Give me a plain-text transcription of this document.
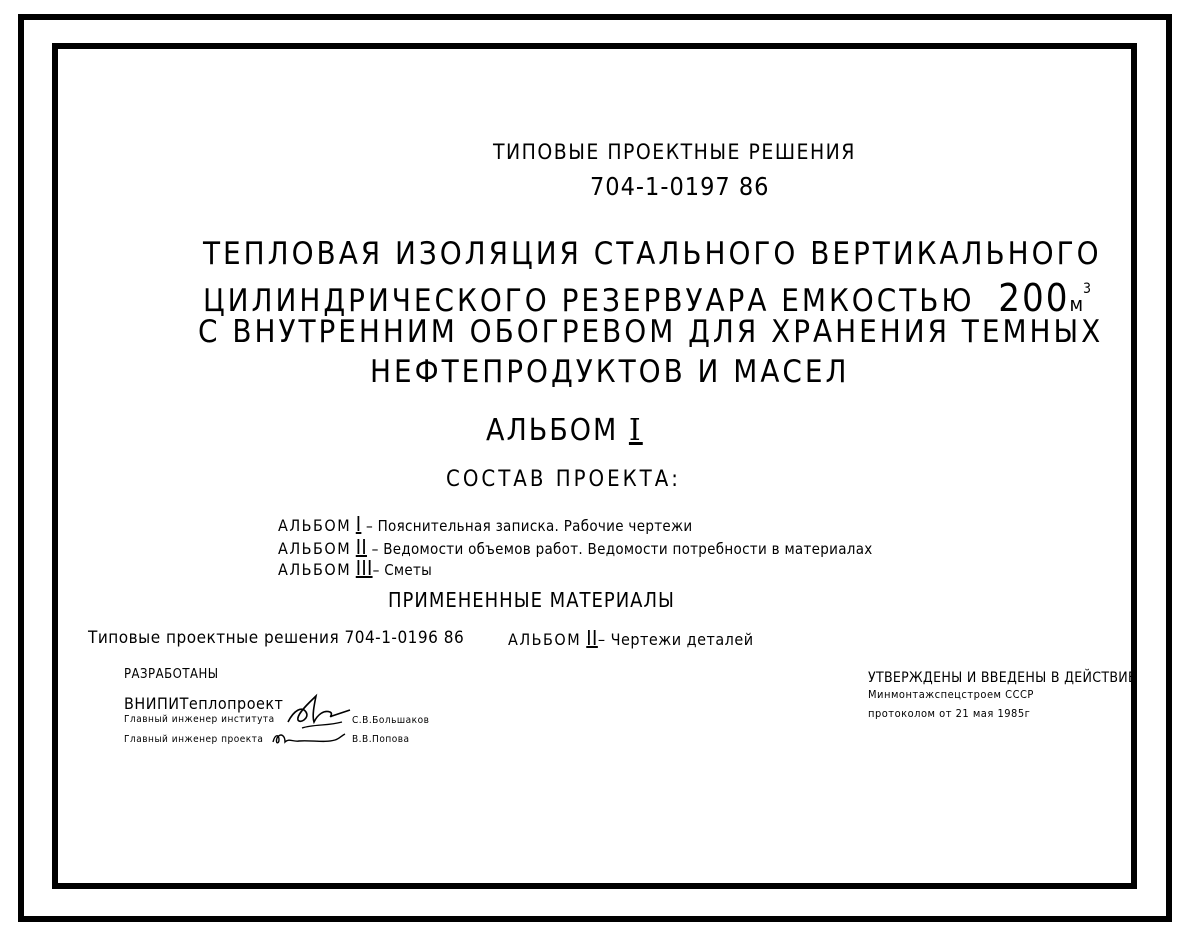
ТИПОВЫЕ ПРОЕКТНЫЕ РЕШЕНИЯ
704-1-0197 86
ТЕПЛОВАЯ ИЗОЛЯЦИЯ СТАЛЬНОГО ВЕРТИКАЛЬНОГО
ЦИЛИНДРИЧЕСКОГО РЕЗЕРВУАРА ЕМКОСТЬЮ $200м^3$
С ВНУТРЕННИМ ОБОГРЕВОМ ДЛЯ ХРАНЕНИЯ ТЕМНЫХ
НЕФТЕПРОДУКТОВ И МАСЕЛ
АЛЬБОМ I
СОСТАВ ПРОЕКТА:
АЛЬБОМ I – Пояснительная записка. Рабочие чертежи
АЛЬБОМ II – Ведомости объемов работ. Ведомости потребности в материалах
АЛЬБОМ III– Сметы
ПРИМЕНЕННЫЕ МАТЕРИАЛЫ
Типовые проектные решения 704-1-0196 86	АЛЬБОМ II– Чертежи деталей
РАЗРАБОТАНЫ
ВНИПИТеплопроект
Главный инженер института	С.В.Большаков
Главный инженер проекта	В.В.Попова
УТВЕРЖДЕНЫ И ВВЕДЕНЫ В ДЕЙСТВИЕ
Минмонтажспецстроем СССР
протоколом от 21 мая 1985г
